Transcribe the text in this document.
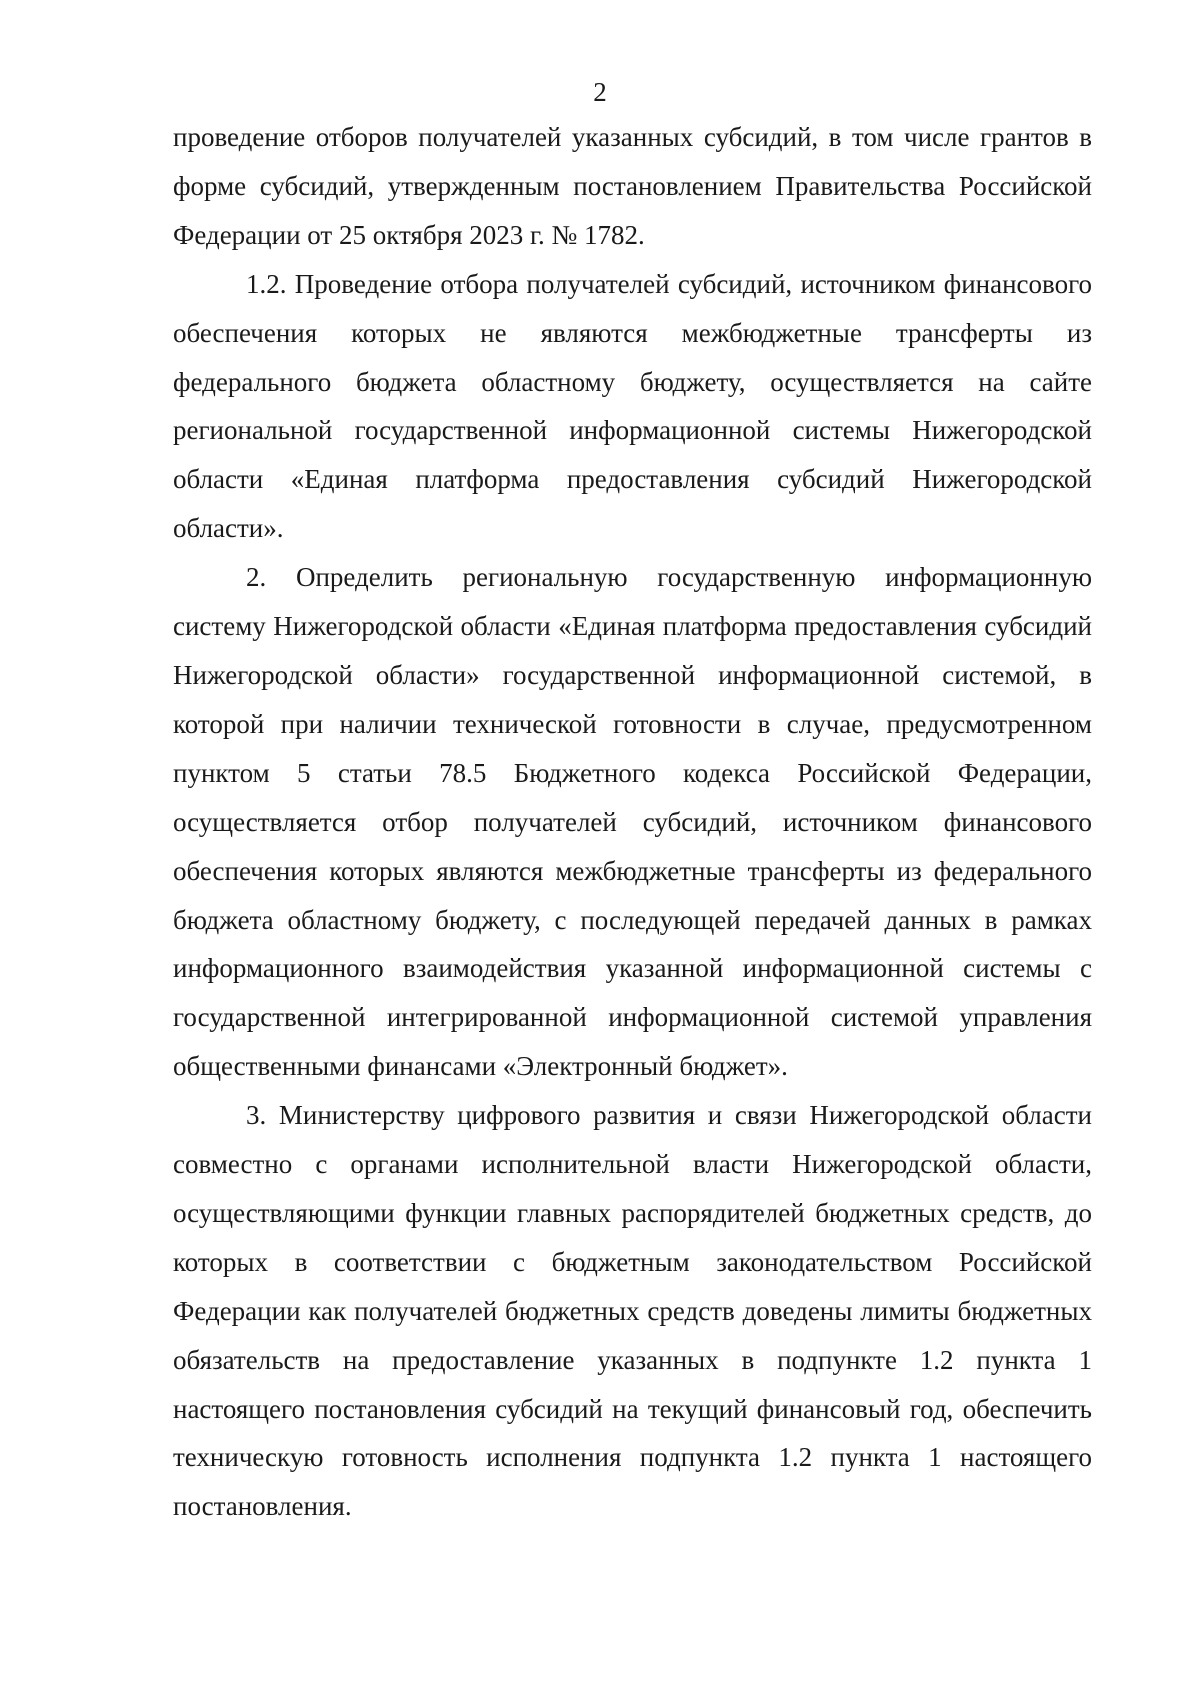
2

проведение отборов получателей указанных субсидий, в том числе грантов в форме субсидий, утвержденным постановлением Правительства Российской Федерации от 25 октября 2023 г. № 1782.

1.2. Проведение отбора получателей субсидий, источником финансового обеспечения которых не являются межбюджетные трансферты из федерального бюджета областному бюджету, осуществляется на сайте региональной государственной информационной системы Нижегородской области «Единая платформа предоставления субсидий Нижегородской области».

2. Определить региональную государственную информационную систему Нижегородской области «Единая платформа предоставления субсидий Нижегородской области» государственной информационной системой, в которой при наличии технической готовности в случае, предусмотренном пунктом 5 статьи 78.5 Бюджетного кодекса Российской Федерации, осуществляется отбор получателей субсидий, источником финансового обеспечения которых являются межбюджетные трансферты из федерального бюджета областному бюджету, с последующей передачей данных в рамках информационного взаимодействия указанной информационной системы с государственной интегрированной информационной системой управления общественными финансами «Электронный бюджет».

3. Министерству цифрового развития и связи Нижегородской области совместно с органами исполнительной власти Нижегородской области, осуществляющими функции главных распорядителей бюджетных средств, до которых в соответствии с бюджетным законодательством Российской Федерации как получателей бюджетных средств доведены лимиты бюджетных обязательств на предоставление указанных в подпункте 1.2 пункта 1 настоящего постановления субсидий на текущий финансовый год, обеспечить техническую готовность исполнения подпункта 1.2 пункта 1 настоящего постановления.
